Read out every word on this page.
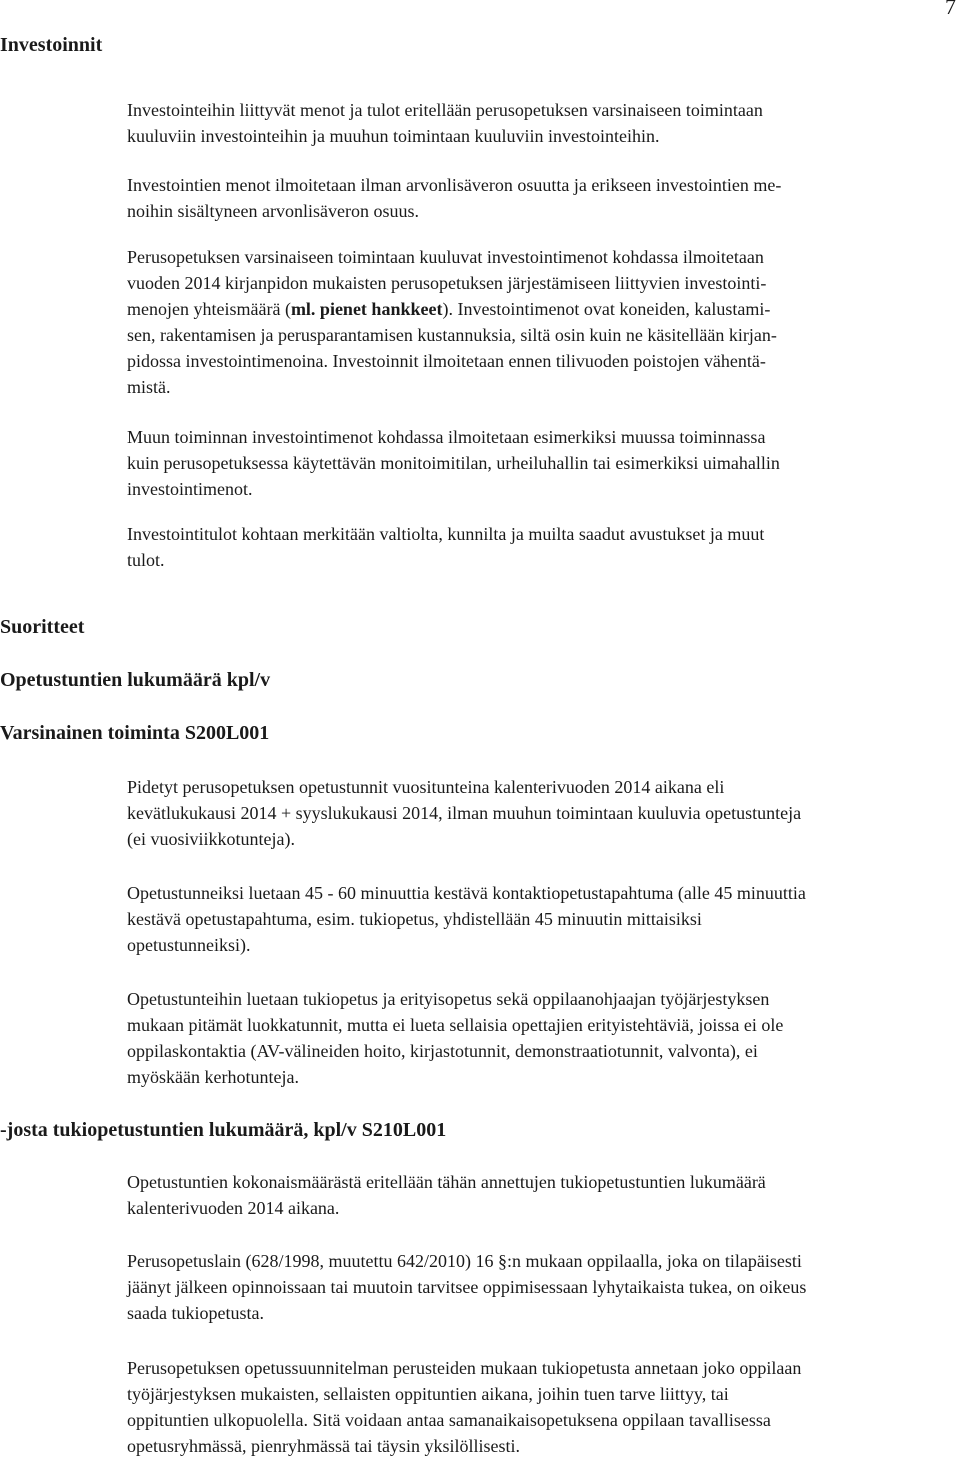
7
Investoinnit

Investointeihin liittyvät menot ja tulot eritellään perusopetuksen varsinaiseen toimintaan
kuuluviin investointeihin ja muuhun toimintaan kuuluviin investointeihin.

Investointien menot ilmoitetaan ilman arvonlisäveron osuutta ja erikseen investointien me-
noihin sisältyneen arvonlisäveron osuus.

Perusopetuksen varsinaiseen toimintaan kuuluvat investointimenot kohdassa ilmoitetaan
vuoden 2014 kirjanpidon mukaisten perusopetuksen järjestämiseen liittyvien investointi-
menojen yhteismäärä (ml. pienet hankkeet). Investointimenot ovat koneiden, kalustami-
sen, rakentamisen ja perusparantamisen kustannuksia, siltä osin kuin ne käsitellään kirjan-
pidossa investointimenoina. Investoinnit ilmoitetaan ennen tilivuoden poistojen vähentä-
mistä.

Muun toiminnan investointimenot kohdassa ilmoitetaan esimerkiksi muussa toiminnassa
kuin perusopetuksessa käytettävän monitoimitilan, urheiluhallin tai esimerkiksi uimahallin
investointimenot.

Investointitulot kohtaan merkitään valtiolta, kunnilta ja muilta saadut avustukset ja muut
tulot.

Suoritteet
Opetustuntien lukumäärä kpl/v
Varsinainen toiminta S200L001

Pidetyt perusopetuksen opetustunnit vuositunteina kalenterivuoden 2014 aikana eli
kevätlukukausi 2014 + syyslukukausi 2014, ilman muuhun toimintaan kuuluvia opetustunteja
(ei vuosiviikkotunteja).

Opetustunneiksi luetaan 45 - 60 minuuttia kestävä kontaktiopetustapahtuma (alle 45 minuuttia
kestävä opetustapahtuma, esim. tukiopetus, yhdistellään 45 minuutin mittaisiksi
opetustunneiksi).

Opetustunteihin luetaan tukiopetus ja erityisopetus sekä oppilaanohjaajan työjärjestyksen
mukaan pitämät luokkatunnit, mutta ei lueta sellaisia opettajien erityistehtäviä, joissa ei ole
oppilaskontaktia (AV-välineiden hoito, kirjastotunnit, demonstraatiotunnit, valvonta), ei
myöskään kerhotunteja.

-josta tukiopetustuntien lukumäärä, kpl/v S210L001

Opetustuntien kokonaismäärästä eritellään tähän annettujen tukiopetustuntien lukumäärä
kalenterivuoden 2014 aikana.

Perusopetuslain (628/1998, muutettu 642/2010) 16 §:n mukaan oppilaalla, joka on tilapäisesti
jäänyt jälkeen opinnoissaan tai muutoin tarvitsee oppimisessaan lyhytaikaista tukea, on oikeus
saada tukiopetusta.

Perusopetuksen opetussuunnitelman perusteiden mukaan tukiopetusta annetaan joko oppilaan
työjärjestyksen mukaisten, sellaisten oppituntien aikana, joihin tuen tarve liittyy, tai
oppituntien ulkopuolella. Sitä voidaan antaa samanaikaisopetuksena oppilaan tavallisessa
opetusryhmässä, pienryhmässä tai täysin yksilöllisesti.
